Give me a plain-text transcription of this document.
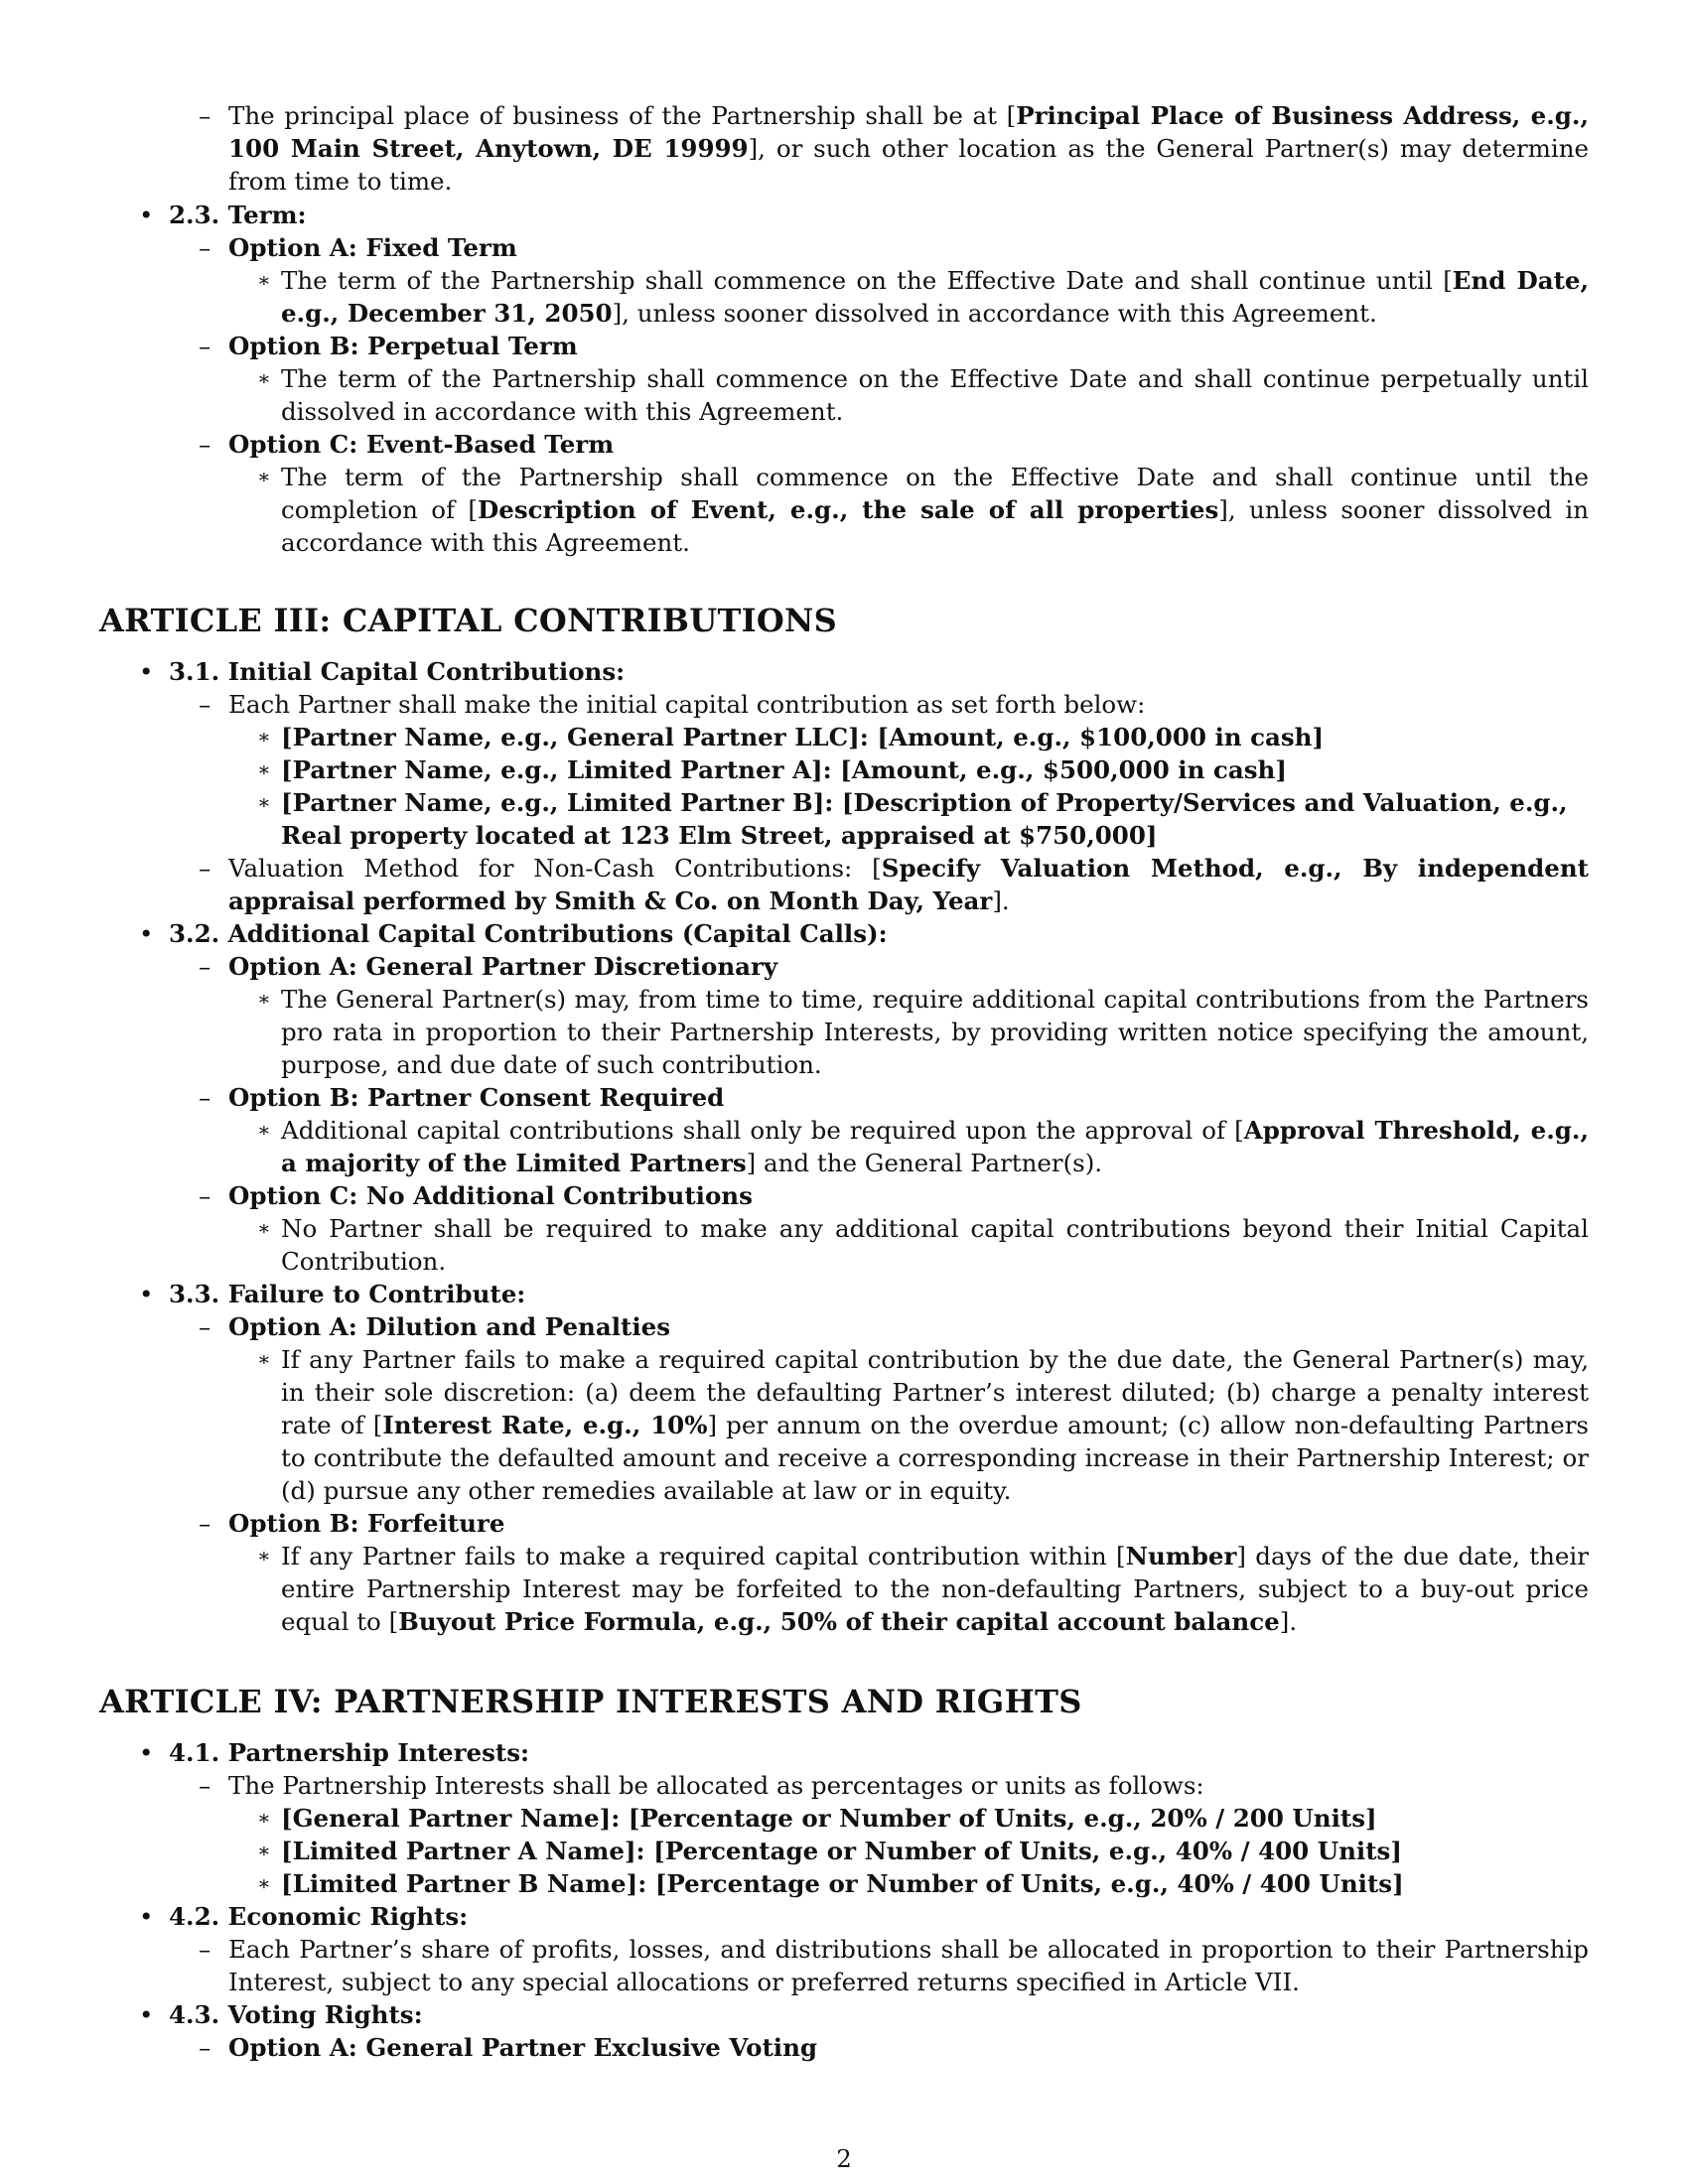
– The principal place of business of the Partnership shall be at [Principal Place of Business Address, e.g., 100 Main Street, Anytown, DE 19999], or such other location as the General Partner(s) may determine from time to time.

• 2.3. Term:

– Option A: Fixed Term

∗ The term of the Partnership shall commence on the Effective Date and shall continue until [End Date, e.g., December 31, 2050], unless sooner dissolved in accordance with this Agreement.

– Option B: Perpetual Term

∗ The term of the Partnership shall commence on the Effective Date and shall continue perpetually until dissolved in accordance with this Agreement.

– Option C: Event-Based Term

∗ The term of the Partnership shall commence on the Effective Date and shall continue until the completion of [Description of Event, e.g., the sale of all properties], unless sooner dissolved in accordance with this Agreement.

ARTICLE III: CAPITAL CONTRIBUTIONS

• 3.1. Initial Capital Contributions:

– Each Partner shall make the initial capital contribution as set forth below:

∗ [Partner Name, e.g., General Partner LLC]: [Amount, e.g., $100,000 in cash]

∗ [Partner Name, e.g., Limited Partner A]: [Amount, e.g., $500,000 in cash]

∗ [Partner Name, e.g., Limited Partner B]: [Description of Property/Services and Valuation, e.g., Real property located at 123 Elm Street, appraised at $750,000]

– Valuation Method for Non-Cash Contributions: [Specify Valuation Method, e.g., By independent appraisal performed by Smith & Co. on Month Day, Year].

• 3.2. Additional Capital Contributions (Capital Calls):

– Option A: General Partner Discretionary

∗ The General Partner(s) may, from time to time, require additional capital contributions from the Partners pro rata in proportion to their Partnership Interests, by providing written notice specifying the amount, purpose, and due date of such contribution.

– Option B: Partner Consent Required

∗ Additional capital contributions shall only be required upon the approval of [Approval Threshold, e.g., a majority of the Limited Partners] and the General Partner(s).

– Option C: No Additional Contributions

∗ No Partner shall be required to make any additional capital contributions beyond their Initial Capital Contribution.

• 3.3. Failure to Contribute:

– Option A: Dilution and Penalties

∗ If any Partner fails to make a required capital contribution by the due date, the General Partner(s) may, in their sole discretion: (a) deem the defaulting Partner’s interest diluted; (b) charge a penalty interest rate of [Interest Rate, e.g., 10%] per annum on the overdue amount; (c) allow non-defaulting Partners to contribute the defaulted amount and receive a corresponding increase in their Partnership Interest; or (d) pursue any other remedies available at law or in equity.

– Option B: Forfeiture

∗ If any Partner fails to make a required capital contribution within [Number] days of the due date, their entire Partnership Interest may be forfeited to the non-defaulting Partners, subject to a buy-out price equal to [Buyout Price Formula, e.g., 50% of their capital account balance].

ARTICLE IV: PARTNERSHIP INTERESTS AND RIGHTS

• 4.1. Partnership Interests:

– The Partnership Interests shall be allocated as percentages or units as follows:

∗ [General Partner Name]: [Percentage or Number of Units, e.g., 20% / 200 Units]

∗ [Limited Partner A Name]: [Percentage or Number of Units, e.g., 40% / 400 Units]

∗ [Limited Partner B Name]: [Percentage or Number of Units, e.g., 40% / 400 Units]

• 4.2. Economic Rights:

– Each Partner’s share of profits, losses, and distributions shall be allocated in proportion to their Partnership Interest, subject to any special allocations or preferred returns specified in Article VII.

• 4.3. Voting Rights:

– Option A: General Partner Exclusive Voting

2
